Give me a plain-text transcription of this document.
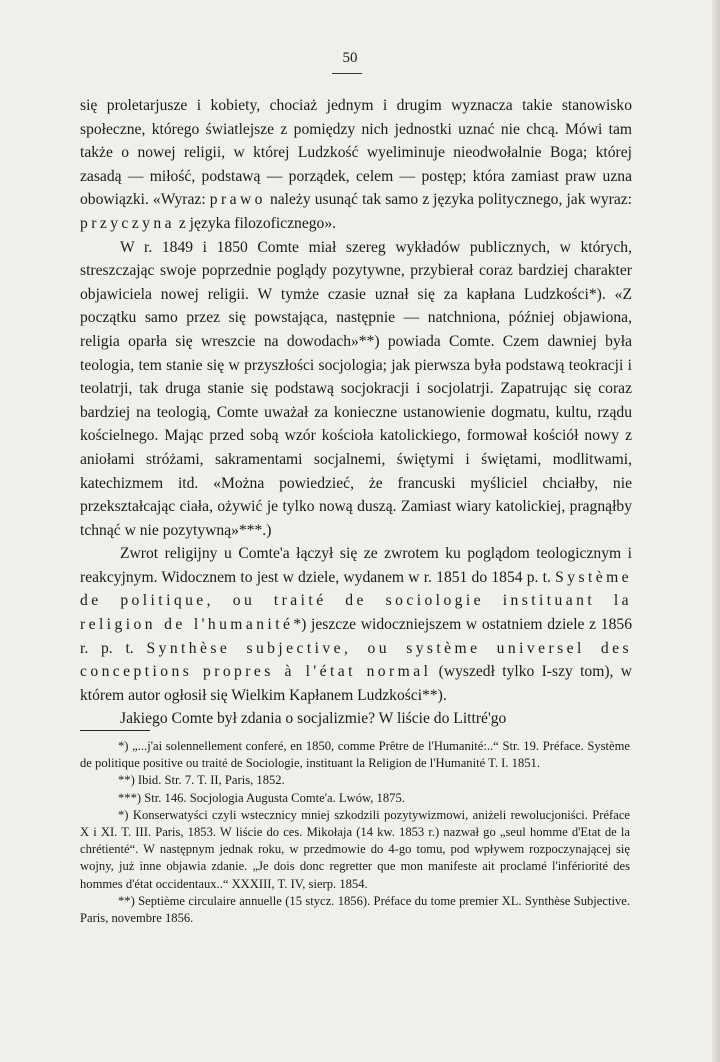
50

się proletarjusze i kobiety, chociaż jednym i drugim wyznacza takie stanowisko społeczne, którego światlejsze z pomiędzy nich jednostki uznać nie chcą. Mówi tam także o nowej religii, w której Ludzkość wyeliminuje nieodwołalnie Boga; której zasadą — miłość, podstawą — porządek, celem — postęp; która zamiast praw uzna obowiązki. «Wyraz: prawo należy usunąć tak samo z języka politycznego, jak wyraz: przyczyna z języka filozoficznego».

W r. 1849 i 1850 Comte miał szereg wykładów publicznych, w których, streszczając swoje poprzednie poglądy pozytywne, przybierał coraz bardziej charakter objawiciela nowej religii. W tymże czasie uznał się za kapłana Ludzkości*). «Z początku samo przez się powstająca, następnie — natchniona, później objawiona, religia oparła się wreszcie na dowodach»**) powiada Comte. Czem dawniej była teologia, tem stanie się w przyszłości socjologia; jak pierwsza była podstawą teokracji i teolatrji, tak druga stanie się podstawą socjokracji i socjolatrji. Zapatrując się coraz bardziej na teologią, Comte uważał za konieczne ustanowienie dogmatu, kultu, rządu kościelnego. Mając przed sobą wzór kościoła katolickiego, formował kościół nowy z aniołami stróżami, sakramentami socjalnemi, świętymi i świętami, modlitwami, katechizmem itd. «Można powiedzieć, że francuski myśliciel chciałby, nie przekształcając ciała, ożywić je tylko nową duszą. Zamiast wiary katolickiej, pragnąłby tchnąć w nie pozytywną»***.)

Zwrot religijny u Comte'a łączył się ze zwrotem ku poglądom teologicznym i reakcyjnym. Widocznem to jest w dziele, wydanem w r. 1851 do 1854 p. t. Système de politique, ou traité de sociologie instituant la religion de l'humanité*) jeszcze widoczniejszem w ostatniem dziele z 1856 r. p. t. Synthèse subjective, ou système universel des conceptions propres à l'état normal (wyszedł tylko I-szy tom), w którem autor ogłosił się Wielkim Kapłanem Ludzkości**).

Jakiego Comte był zdania o socjalizmie? W liście do Littré'go

*) „...j'ai solennellement conferé, en 1850, comme Prêtre de l'Humanité:..“ Str. 19. Préface. Système de politique positive ou traité de Sociologie, instituant la Religion de l'Humanité T. I. 1851.

**) Ibid. Str. 7. T. II, Paris, 1852.

***) Str. 146. Socjologia Augusta Comte'a. Lwów, 1875.

*) Konserwatyści czyli wstecznicy mniej szkodzili pozytywizmowi, aniżeli rewolucjoniści. Préface X i XI. T. III. Paris, 1853. W liście do ces. Mikołaja (14 kw. 1853 r.) nazwał go „seul homme d'Etat de la chrétienté“. W następnym jednak roku, w przedmowie do 4-go tomu, pod wpływem rozpoczynającej się wojny, już inne objawia zdanie. „Je dois donc regretter que mon manifeste ait proclamé l'infériorité des hommes d'état occidentaux..“ XXXIII, T. IV, sierp. 1854.

**) Septième circulaire annuelle (15 stycz. 1856). Préface du tome premier XL. Synthèse Subjective. Paris, novembre 1856.
